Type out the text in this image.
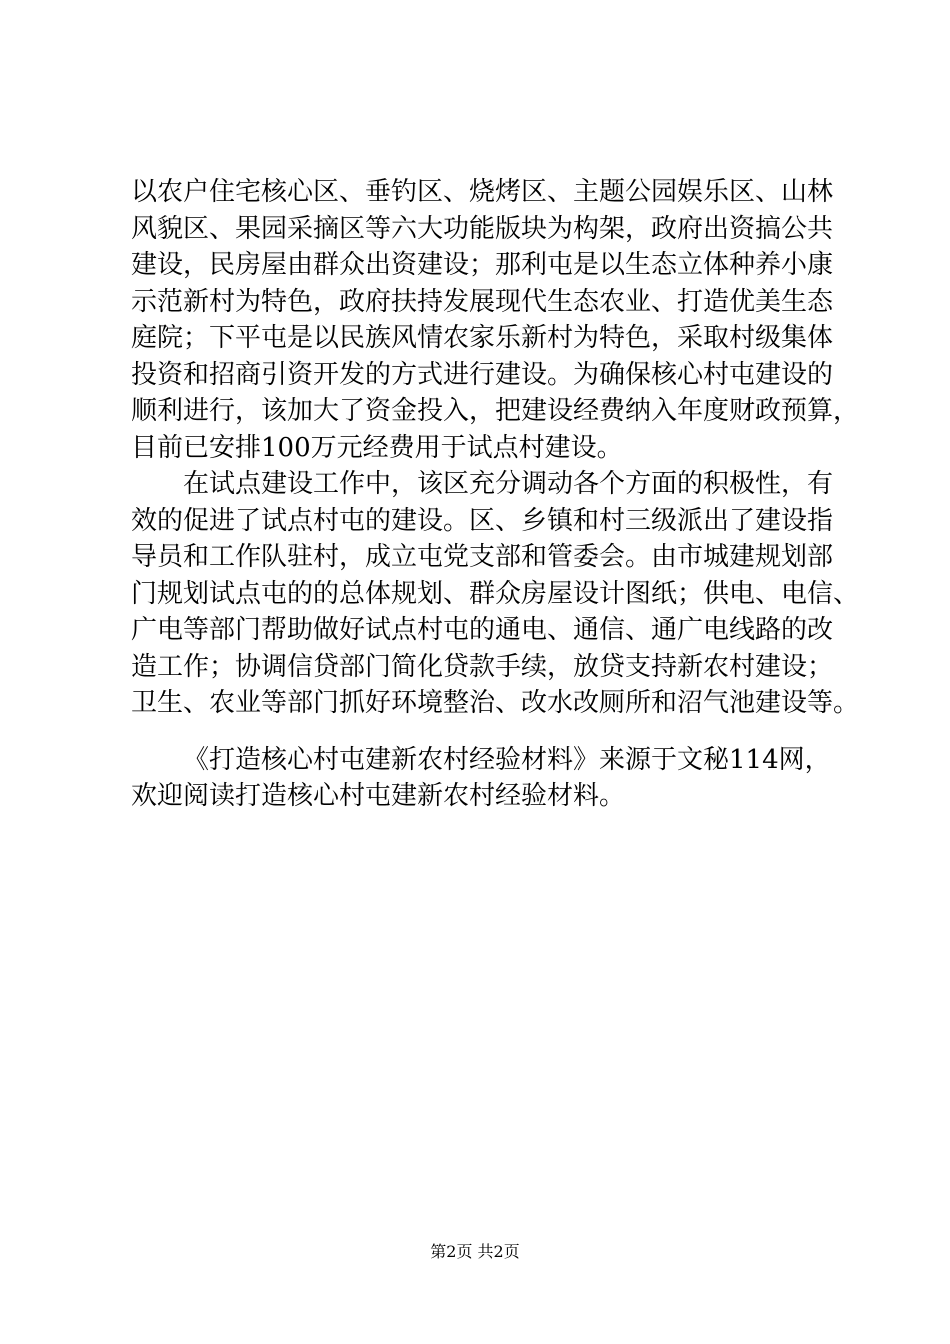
以农户住宅核心区、垂钓区、烧烤区、主题公园娱乐区、山林
风貌区、果园采摘区等六大功能版块为构架，政府出资搞公共
建设，民房屋由群众出资建设；那利屯是以生态立体种养小康
示范新村为特色，政府扶持发展现代生态农业、打造优美生态
庭院；下平屯是以民族风情农家乐新村为特色，采取村级集体
投资和招商引资开发的方式进行建设。为确保核心村屯建设的
顺利进行，该加大了资金投入，把建设经费纳入年度财政预算，
目前已安排100万元经费用于试点村建设。
在试点建设工作中，该区充分调动各个方面的积极性，有
效的促进了试点村屯的建设。区、乡镇和村三级派出了建设指
导员和工作队驻村，成立屯党支部和管委会。由市城建规划部
门规划试点屯的的总体规划、群众房屋设计图纸；供电、电信、
广电等部门帮助做好试点村屯的通电、通信、通广电线路的改
造工作；协调信贷部门简化贷款手续，放贷支持新农村建设；
卫生、农业等部门抓好环境整治、改水改厕所和沼气池建设等。
《打造核心村屯建新农村经验材料》来源于文秘114网，
欢迎阅读打造核心村屯建新农村经验材料。
第2页 共2页
